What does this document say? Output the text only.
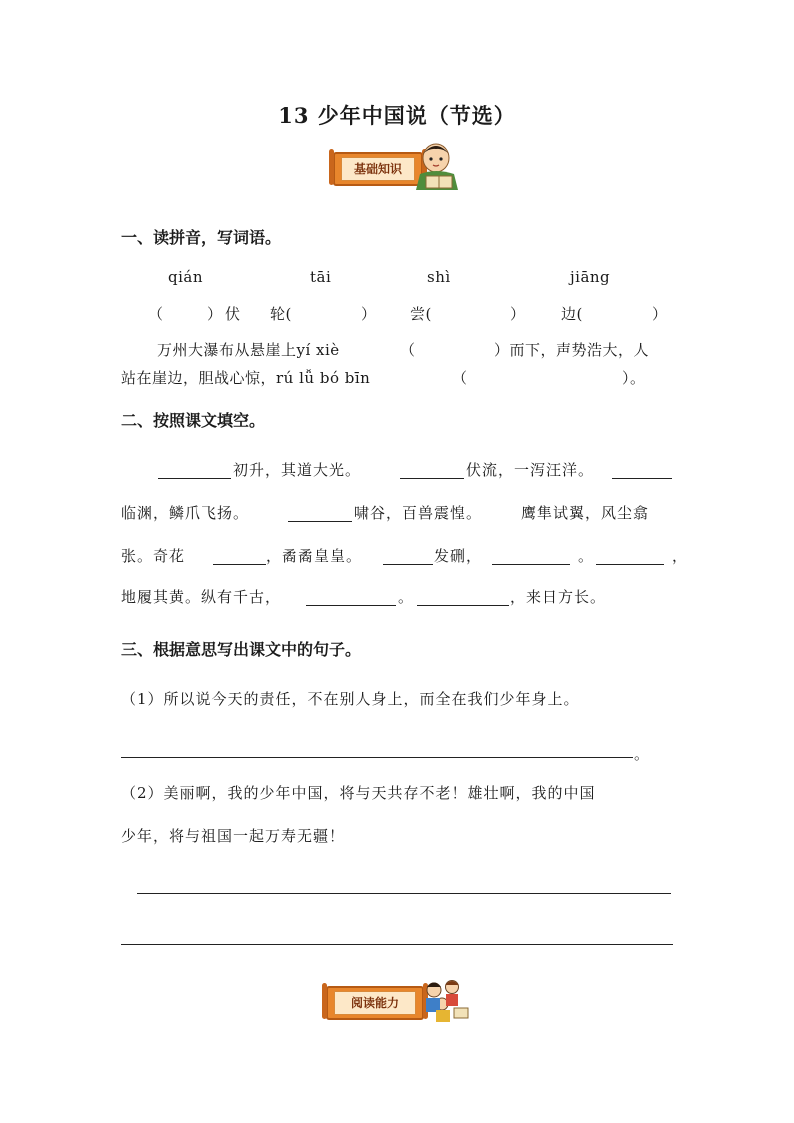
13 少年中国说（节选）
基础知识
一、读拼音，写词语。
qián	tāi	shì	jiāng
（	） 伏 轮(	） 尝(	） 边(	）
万州大瀑布从悬崖上yí xiè	（	）而下，声势浩大，人
站在崖边，胆战心惊，rú lǚ bó bīn	（	）。
二、按照课文填空。
初升，其道大光。	伏流，一泻汪洋。
临渊，鳞爪飞扬。	啸谷，百兽震惶。	鹰隼试翼，风尘翕
张。奇花	，矞矞皇皇。	发硎，	。	，
地履其黄。纵有千古，	。	，来日方长。
三、根据意思写出课文中的句子。
（1）所以说今天的责任，不在别人身上，而全在我们少年身上。
。
（2）美丽啊，我的少年中国，将与天共存不老！雄壮啊，我的中国
少年，将与祖国一起万寿无疆！
阅读能力
